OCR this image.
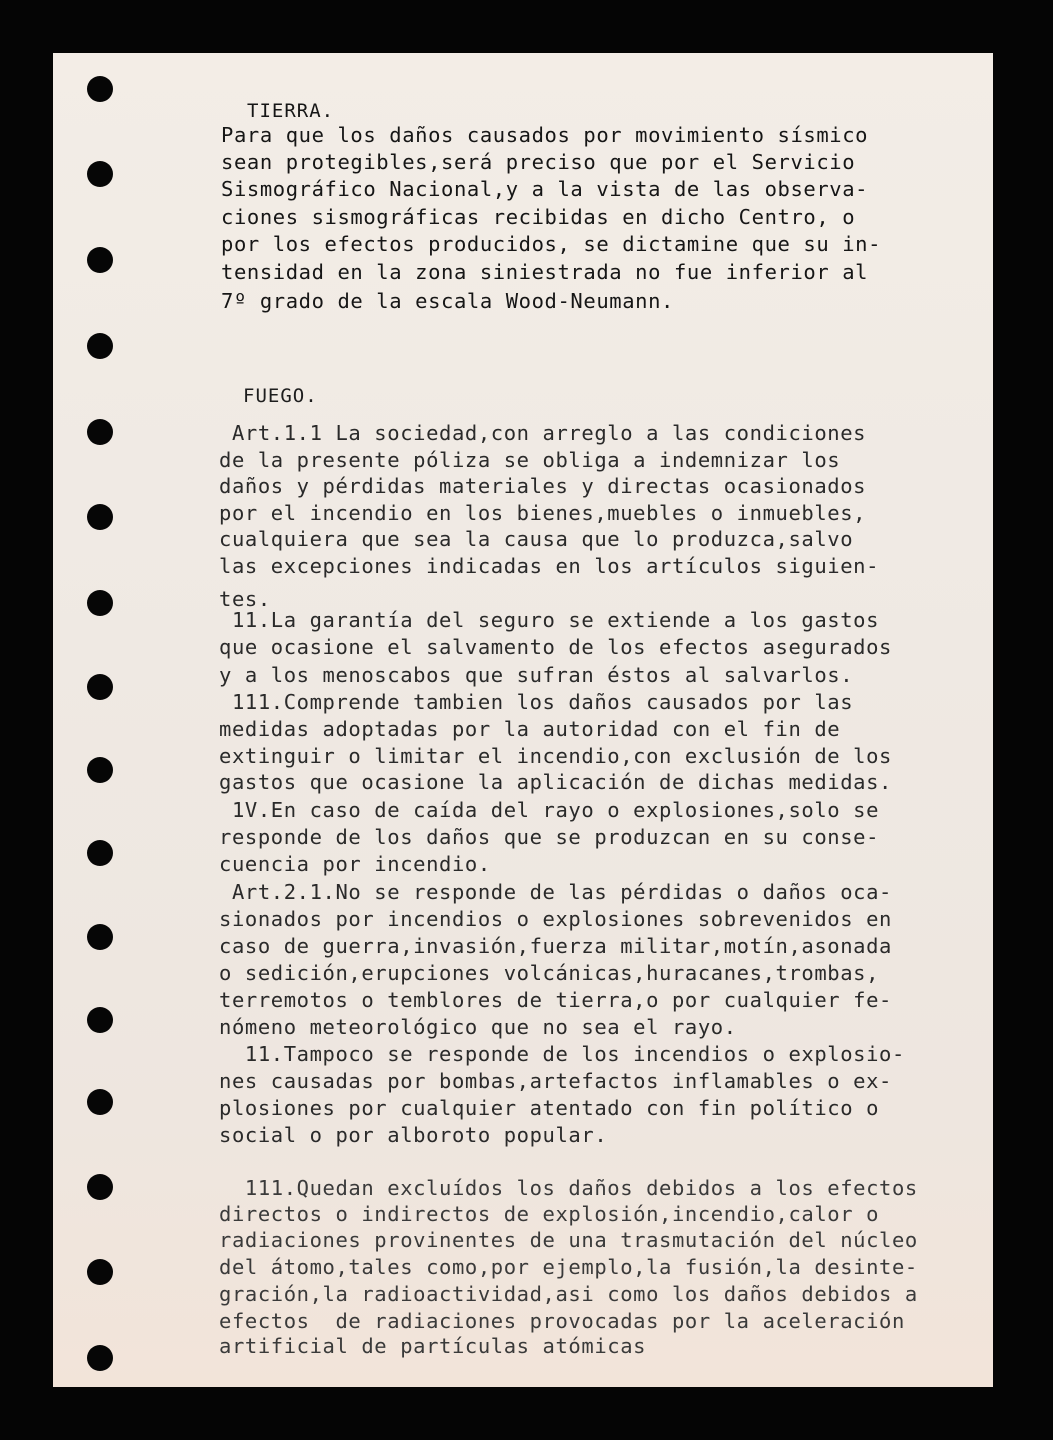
TIERRA.
Para que los daños causados por movimiento sísmico
sean protegibles,será preciso que por el Servicio
Sismográfico Nacional,y a la vista de las observa-
ciones sismográficas recibidas en dicho Centro, o
por los efectos producidos, se dictamine que su in-
tensidad en la zona siniestrada no fue inferior al
7º grado de la escala Wood-Neumann.
FUEGO.
Art.1.1 La sociedad,con arreglo a las condiciones
de la presente póliza se obliga a indemnizar los
daños y pérdidas materiales y directas ocasionados
por el incendio en los bienes,muebles o inmuebles,
cualquiera que sea la causa que lo produzca,salvo
las excepciones indicadas en los artículos siguien-
tes.
11.La garantía del seguro se extiende a los gastos
que ocasione el salvamento de los efectos asegurados
y a los menoscabos que sufran éstos al salvarlos.
111.Comprende tambien los daños causados por las
medidas adoptadas por la autoridad con el fin de
extinguir o limitar el incendio,con exclusión de los
gastos que ocasione la aplicación de dichas medidas.
1V.En caso de caída del rayo o explosiones,solo se
responde de los daños que se produzcan en su conse-
cuencia por incendio.
Art.2.1.No se responde de las pérdidas o daños oca-
sionados por incendios o explosiones sobrevenidos en
caso de guerra,invasión,fuerza militar,motín,asonada
o sedición,erupciones volcánicas,huracanes,trombas,
terremotos o temblores de tierra,o por cualquier fe-
nómeno meteorológico que no sea el rayo.
11.Tampoco se responde de los incendios o explosio-
nes causadas por bombas,artefactos inflamables o ex-
plosiones por cualquier atentado con fin político o
social o por alboroto popular.
111.Quedan excluídos los daños debidos a los efectos
directos o indirectos de explosión,incendio,calor o
radiaciones provinentes de una trasmutación del núcleo
del átomo,tales como,por ejemplo,la fusión,la desinte-
gración,la radioactividad,asi como los daños debidos a
efectos  de radiaciones provocadas por la aceleración
artificial de partículas atómicas
